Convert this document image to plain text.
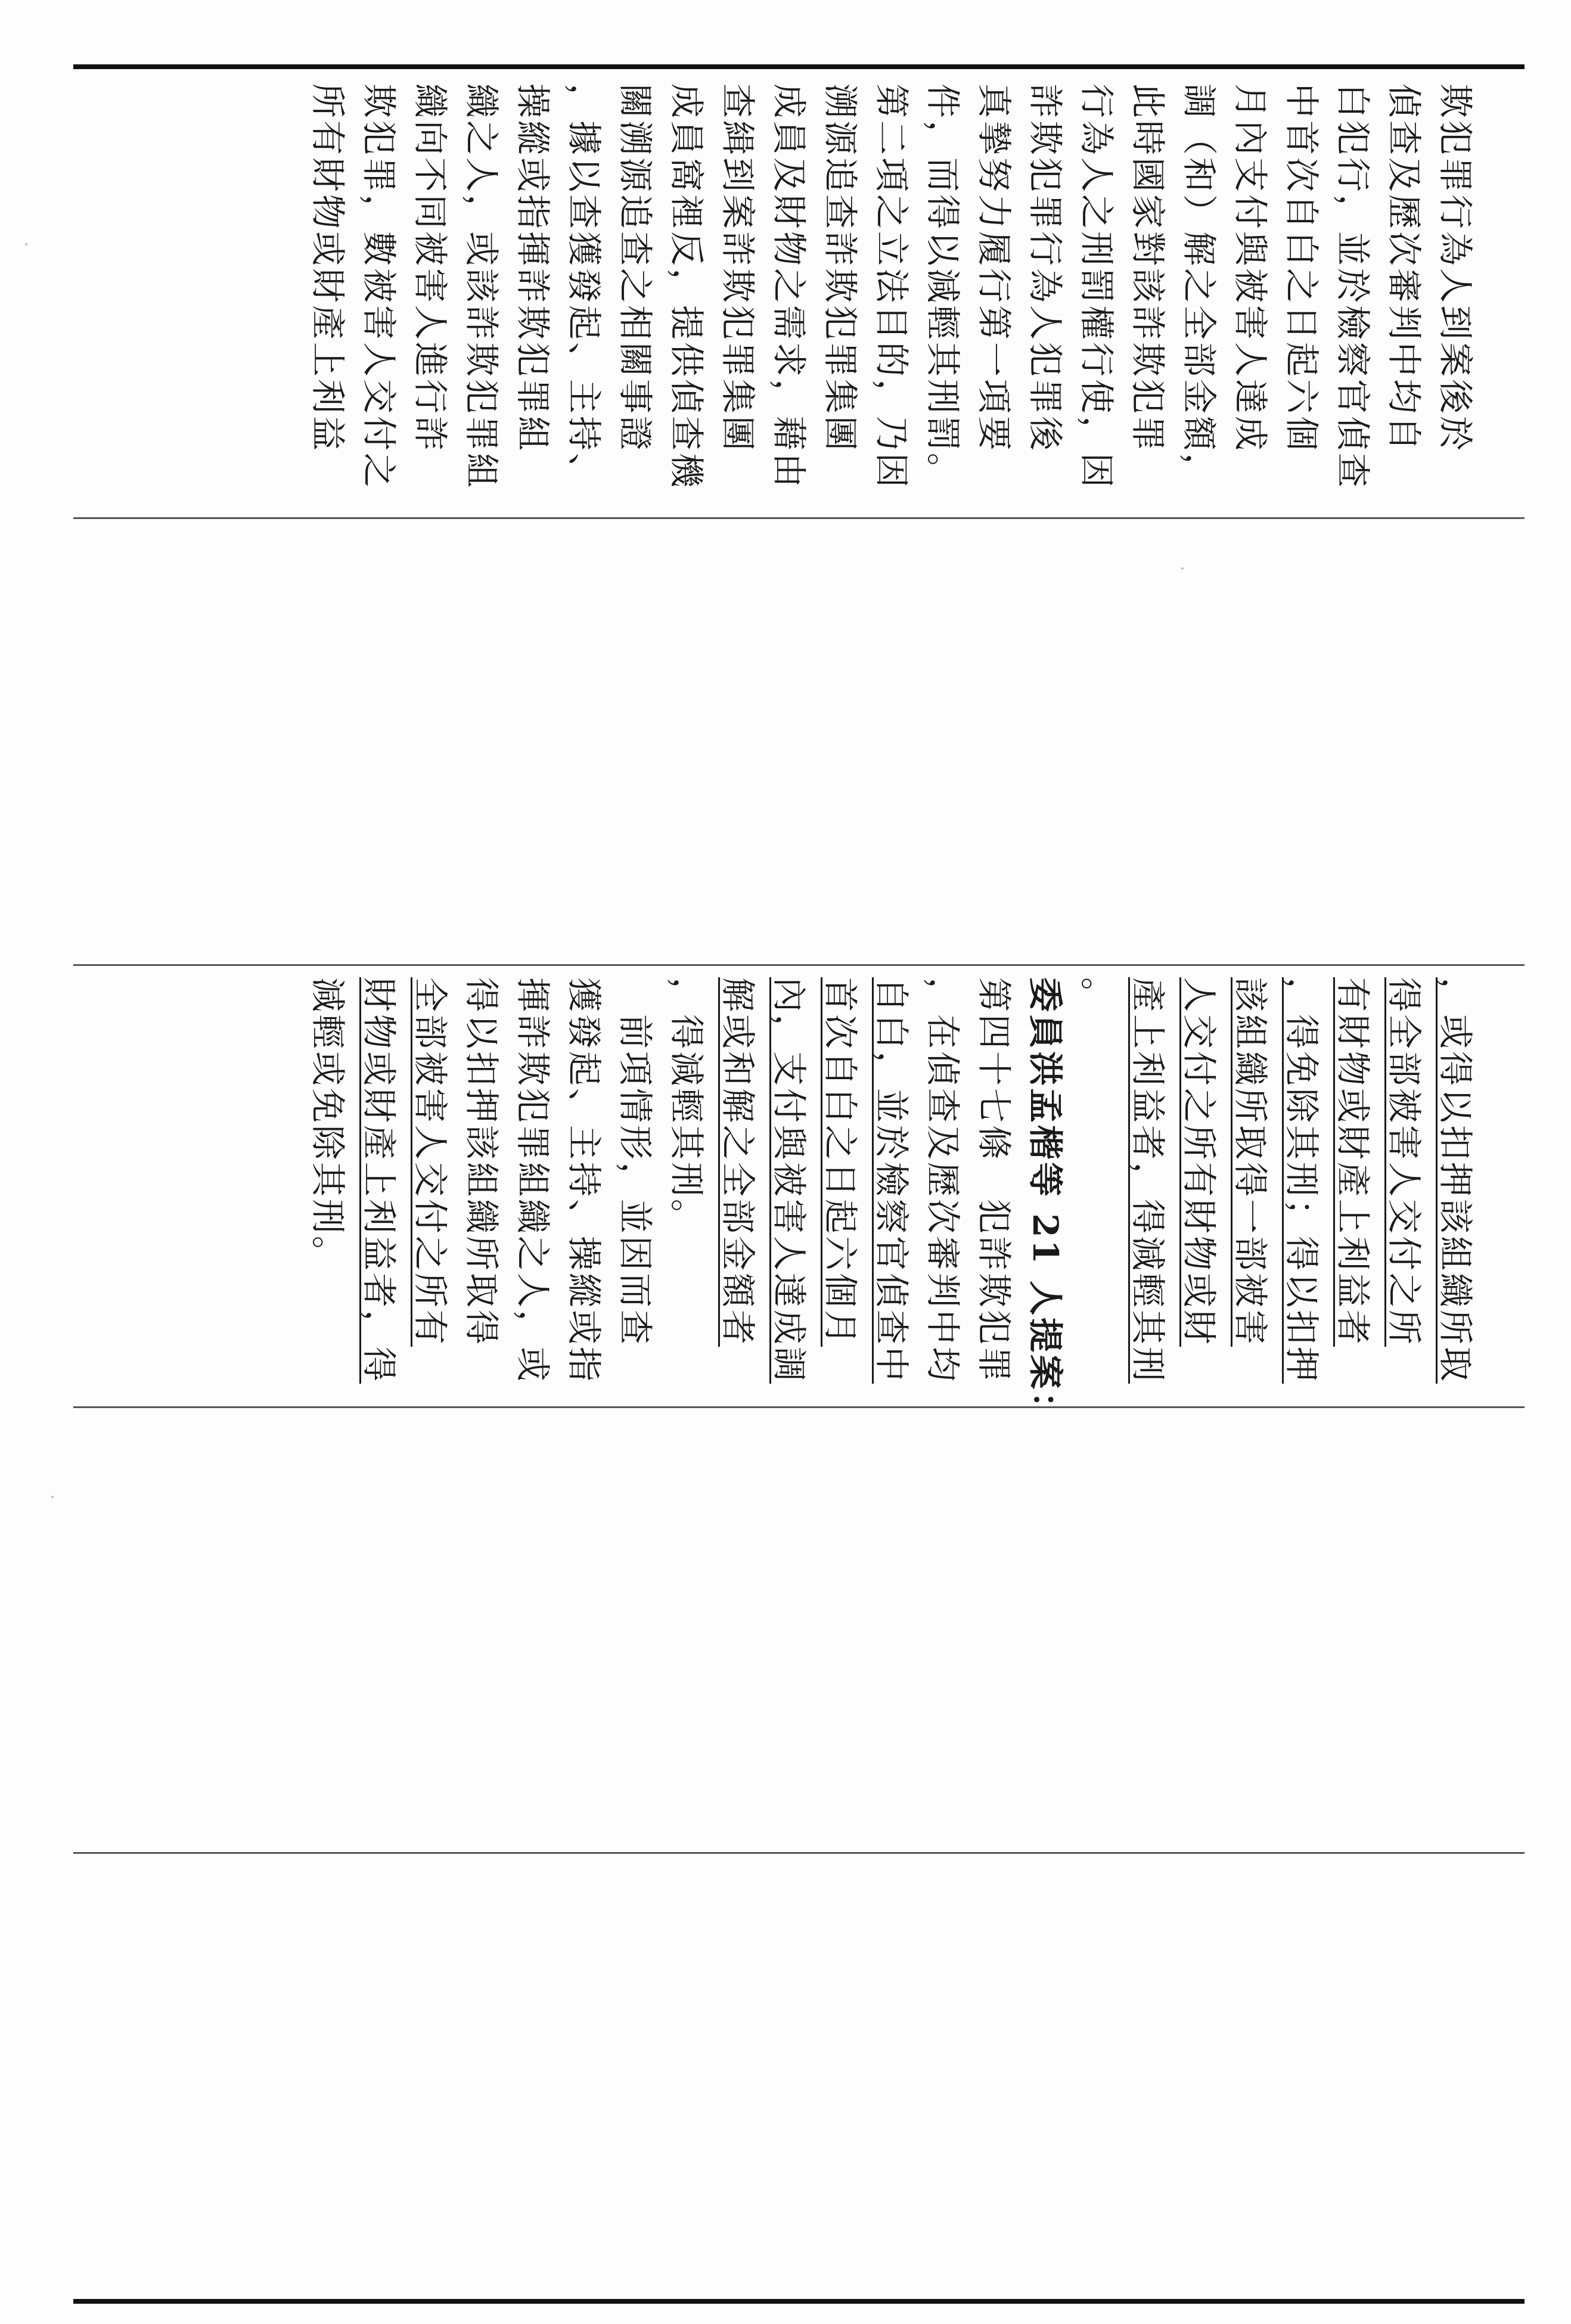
欺犯罪行為人到案後於
偵查及歷次審判中均自
白犯行，並於檢察官偵查
中首次自白之日起六個
月內支付與被害人達成
調（和）解之全部金額，
此時國家對該詐欺犯罪
行為人之刑罰權行使，因
詐欺犯罪行為人犯罪後
真摯努力履行第一項要
件，而得以減輕其刑罰。
第二項之立法目的，乃因
溯源追查詐欺犯罪集團
成員及財物之需求，藉由
查緝到案詐欺犯罪集團
成員窩裡反，提供偵查機
關溯源追查之相關事證
，據以查獲發起、主持、
操縱或指揮詐欺犯罪組
織之人，或該詐欺犯罪組
織向不同被害人進行詐
欺犯罪，數被害人交付之
所有財物或財產上利益
，或得以扣押該組織所取
得全部被害人交付之所
有財物或財產上利益者
，得免除其刑；得以扣押
該組織所取得一部被害
人交付之所有財物或財
產上利益者，得減輕其刑
。
委員洪孟楷等 21 人提案：
第四十七條　犯詐欺犯罪
，在偵查及歷次審判中均
自白，並於檢察官偵查中
首次自白之日起六個月
內，支付與被害人達成調
解或和解之全部金額者
，得減輕其刑。
　前項情形，並因而查
獲發起、主持、操縱或指
揮詐欺犯罪組織之人，或
得以扣押該組織所取得
全部被害人交付之所有
財物或財產上利益者，得
減輕或免除其刑。
